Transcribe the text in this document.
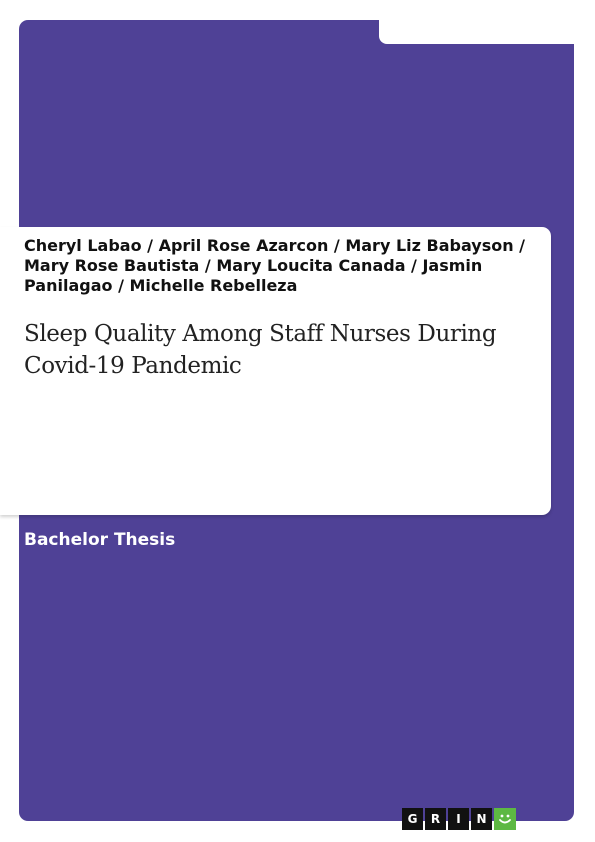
Cheryl Labao / April Rose Azarcon / Mary Liz Babayson / Mary Rose Bautista / Mary Loucita Canada / Jasmin Panilagao / Michelle Rebelleza
Sleep Quality Among Staff Nurses During
Covid-19 Pandemic
Bachelor Thesis
G	R	I	N
